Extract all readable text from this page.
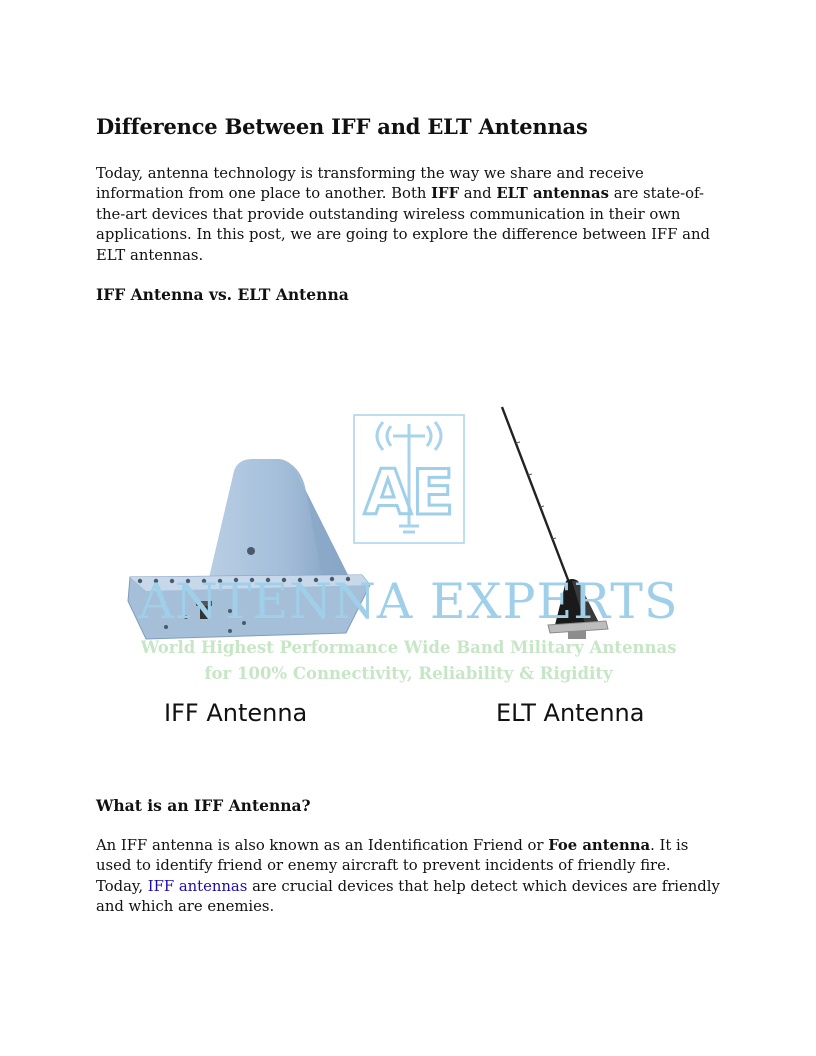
Difference Between IFF and ELT Antennas

Today, antenna technology is transforming the way we share and receive information from one place to another. Both IFF and ELT antennas are state-of-the-art devices that provide outstanding wireless communication in their own applications. In this post, we are going to explore the difference between IFF and ELT antennas.

IFF Antenna vs. ELT Antenna
AE
ANTENNA EXPERTS
World Highest Performance Wide Band Military Antennas
for 100% Connectivity, Reliability & Rigidity
IFF Antenna	ELT Antenna
What is an IFF Antenna?

An IFF antenna is also known as an Identification Friend or Foe antenna. It is used to identify friend or enemy aircraft to prevent incidents of friendly fire. Today, IFF antennas are crucial devices that help detect which devices are friendly and which are enemies.
